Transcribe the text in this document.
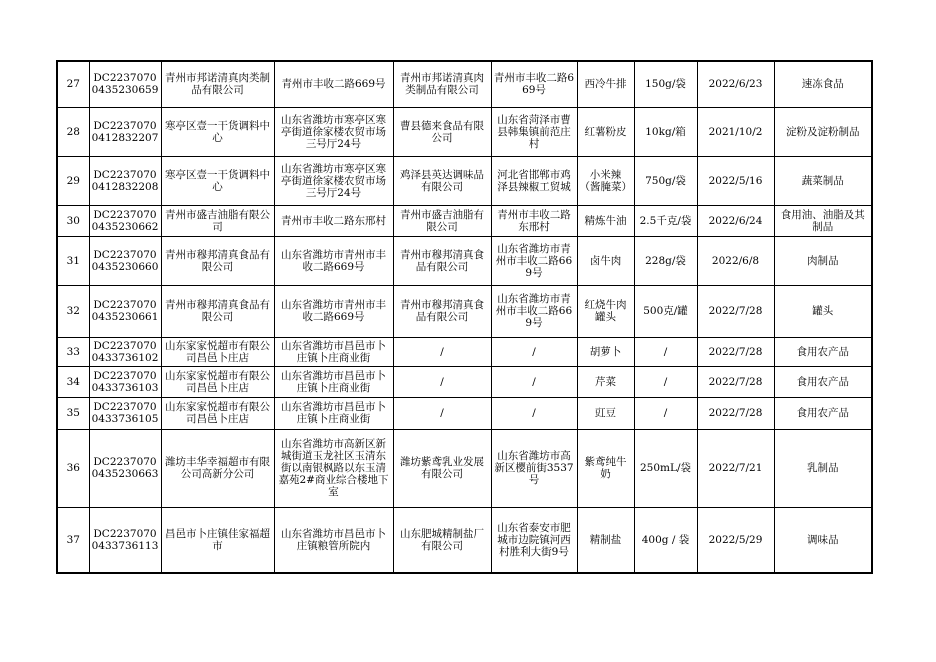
27	DC22370700435230659	青州市邦诺清真肉类制品有限公司	青州市丰收二路669号	青州市邦诺清真肉类制品有限公司	青州市丰收二路669号	西冷牛排	150g/袋	2022/6/23	速冻食品
28	DC22370700412832207	寒亭区壹一干货调料中心	山东省潍坊市寒亭区寒亭街道徐家楼农贸市场三号厅24号	曹县德来食品有限公司	山东省菏泽市曹县韩集镇前范庄村	红薯粉皮	10kg/箱	2021/10/2	淀粉及淀粉制品
29	DC22370700412832208	寒亭区壹一干货调料中心	山东省潍坊市寒亭区寒亭街道徐家楼农贸市场三号厅24号	鸡泽县英达调味品有限公司	河北省邯郸市鸡泽县辣椒工贸城	小米辣（酱腌菜）	750g/袋	2022/5/16	蔬菜制品
30	DC22370700435230662	青州市盛吉油脂有限公司	青州市丰收二路东邢村	青州市盛吉油脂有限公司	青州市丰收二路东邢村	精炼牛油	2.5千克/袋	2022/6/24	食用油、油脂及其制品
31	DC22370700435230660	青州市穆邦清真食品有限公司	山东省潍坊市青州市丰收二路669号	青州市穆邦清真食品有限公司	山东省潍坊市青州市丰收二路669号	卤牛肉	228g/袋	2022/6/8	肉制品
32	DC22370700435230661	青州市穆邦清真食品有限公司	山东省潍坊市青州市丰收二路669号	青州市穆邦清真食品有限公司	山东省潍坊市青州市丰收二路669号	红烧牛肉罐头	500克/罐	2022/7/28	罐头
33	DC22370700433736102	山东家家悦超市有限公司昌邑卜庄店	山东省潍坊市昌邑市卜庄镇卜庄商业街	/	/	胡萝卜	/	2022/7/28	食用农产品
34	DC22370700433736103	山东家家悦超市有限公司昌邑卜庄店	山东省潍坊市昌邑市卜庄镇卜庄商业街	/	/	芹菜	/	2022/7/28	食用农产品
35	DC22370700433736105	山东家家悦超市有限公司昌邑卜庄店	山东省潍坊市昌邑市卜庄镇卜庄商业街	/	/	豇豆	/	2022/7/28	食用农产品
36	DC22370700435230663	潍坊丰华幸福超市有限公司高新分公司	山东省潍坊市高新区新城街道玉龙社区玉清东街以南银枫路以东玉清嘉苑2#商业综合楼地下室	潍坊紫鸢乳业发展有限公司	山东省潍坊市高新区樱前街3537号	紫鸢纯牛奶	250mL/袋	2022/7/21	乳制品
37	DC22370700433736113	昌邑市卜庄镇佳家福超市	山东省潍坊市昌邑市卜庄镇粮管所院内	山东肥城精制盐厂有限公司	山东省泰安市肥城市边院镇河西村胜利大街9号	精制盐	400g / 袋	2022/5/29	调味品
